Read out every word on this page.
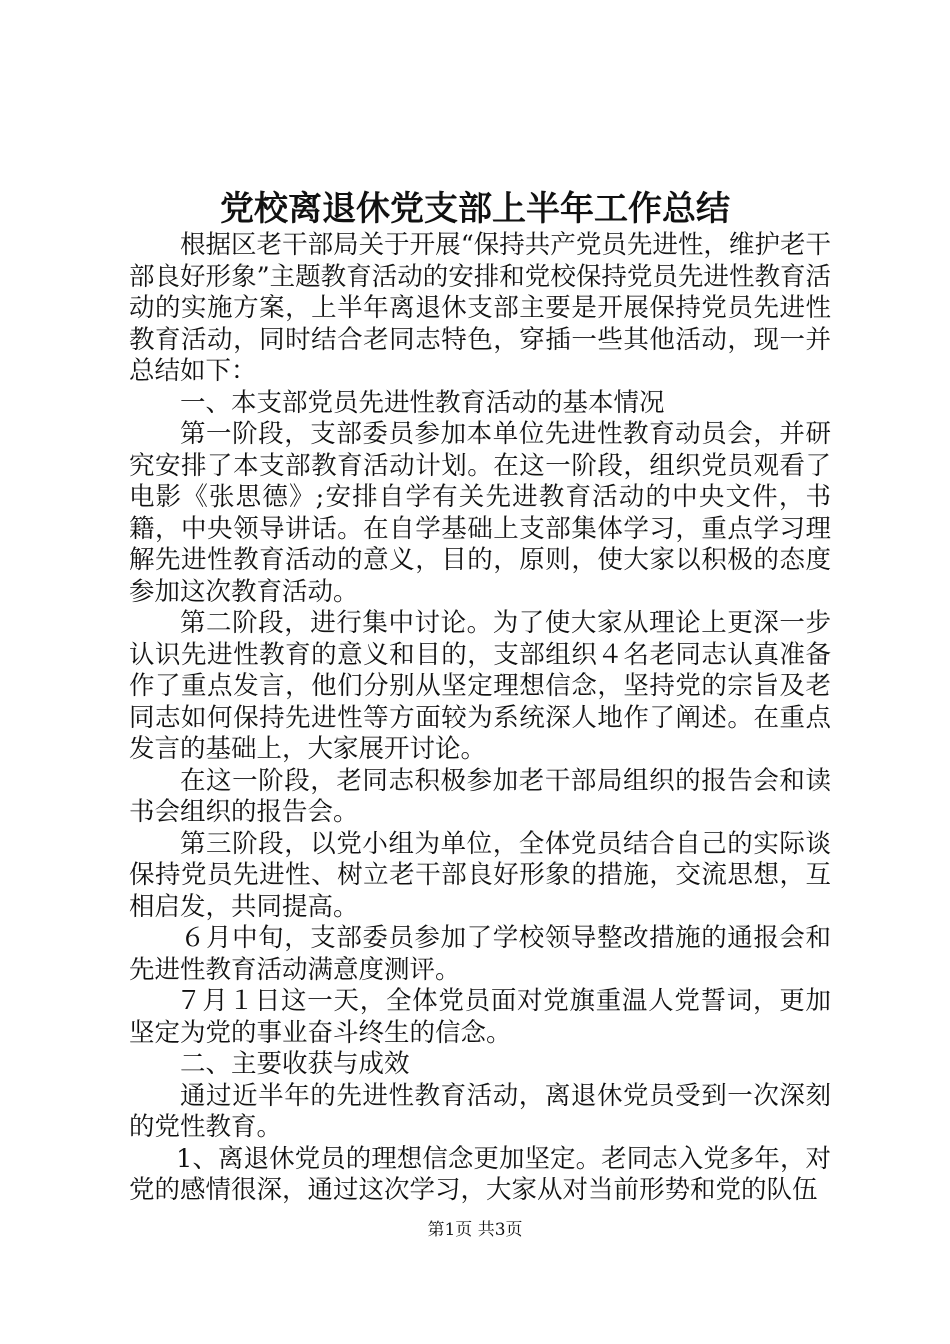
党校离退休党支部上半年工作总结

根据区老干部局关于开展“保持共产党员先进性，维护老干部良好形象”主题教育活动的安排和党校保持党员先进性教育活动的实施方案，上半年离退休支部主要是开展保持党员先进性教育活动，同时结合老同志特色，穿插一些其他活动，现一并总结如下：

一、本支部党员先进性教育活动的基本情况

第一阶段，支部委员参加本单位先进性教育动员会，并研究安排了本支部教育活动计划。在这一阶段，组织党员观看了电影《张思德》;安排自学有关先进教育活动的中央文件，书籍，中央领导讲话。在自学基础上支部集体学习，重点学习理解先进性教育活动的意义，目的，原则，使大家以积极的态度参加这次教育活动。

第二阶段，进行集中讨论。为了使大家从理论上更深一步认识先进性教育的意义和目的，支部组织４名老同志认真准备作了重点发言，他们分别从坚定理想信念，坚持党的宗旨及老同志如何保持先进性等方面较为系统深人地作了阐述。在重点发言的基础上，大家展开讨论。

在这一阶段，老同志积极参加老干部局组织的报告会和读书会组织的报告会。

第三阶段，以党小组为单位，全体党员结合自己的实际谈保持党员先进性、树立老干部良好形象的措施，交流思想，互相启发，共同提高。

６月中旬，支部委员参加了学校领导整改措施的通报会和先进性教育活动满意度测评。

７月１日这一天，全体党员面对党旗重温人党誓词，更加坚定为党的事业奋斗终生的信念。

二、主要收获与成效

通过近半年的先进性教育活动，离退休党员受到一次深刻的党性教育。

1、离退休党员的理想信念更加坚定。老同志入党多年，对党的感情很深，通过这次学习，大家从对当前形势和党的队伍

第1页 共3页
